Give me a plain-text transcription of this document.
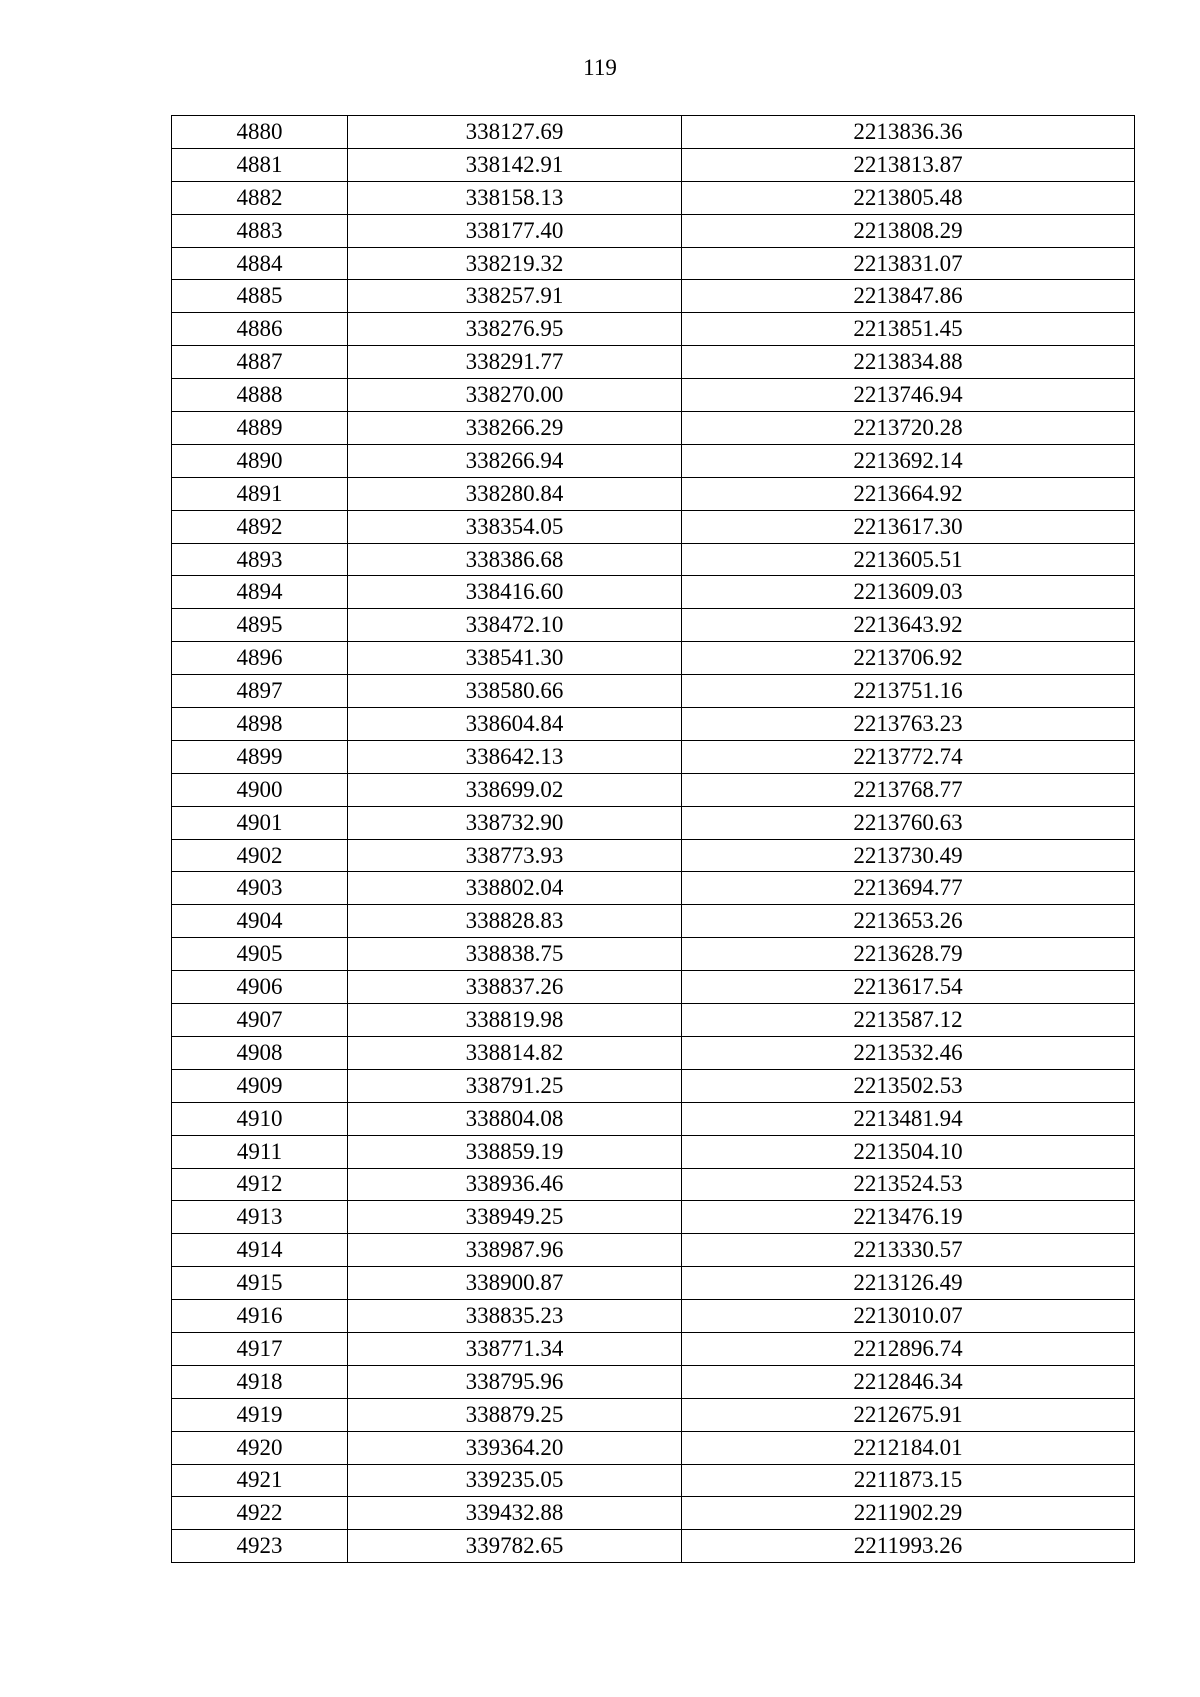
119
4880	338127.69	2213836.36
4881	338142.91	2213813.87
4882	338158.13	2213805.48
4883	338177.40	2213808.29
4884	338219.32	2213831.07
4885	338257.91	2213847.86
4886	338276.95	2213851.45
4887	338291.77	2213834.88
4888	338270.00	2213746.94
4889	338266.29	2213720.28
4890	338266.94	2213692.14
4891	338280.84	2213664.92
4892	338354.05	2213617.30
4893	338386.68	2213605.51
4894	338416.60	2213609.03
4895	338472.10	2213643.92
4896	338541.30	2213706.92
4897	338580.66	2213751.16
4898	338604.84	2213763.23
4899	338642.13	2213772.74
4900	338699.02	2213768.77
4901	338732.90	2213760.63
4902	338773.93	2213730.49
4903	338802.04	2213694.77
4904	338828.83	2213653.26
4905	338838.75	2213628.79
4906	338837.26	2213617.54
4907	338819.98	2213587.12
4908	338814.82	2213532.46
4909	338791.25	2213502.53
4910	338804.08	2213481.94
4911	338859.19	2213504.10
4912	338936.46	2213524.53
4913	338949.25	2213476.19
4914	338987.96	2213330.57
4915	338900.87	2213126.49
4916	338835.23	2213010.07
4917	338771.34	2212896.74
4918	338795.96	2212846.34
4919	338879.25	2212675.91
4920	339364.20	2212184.01
4921	339235.05	2211873.15
4922	339432.88	2211902.29
4923	339782.65	2211993.26
